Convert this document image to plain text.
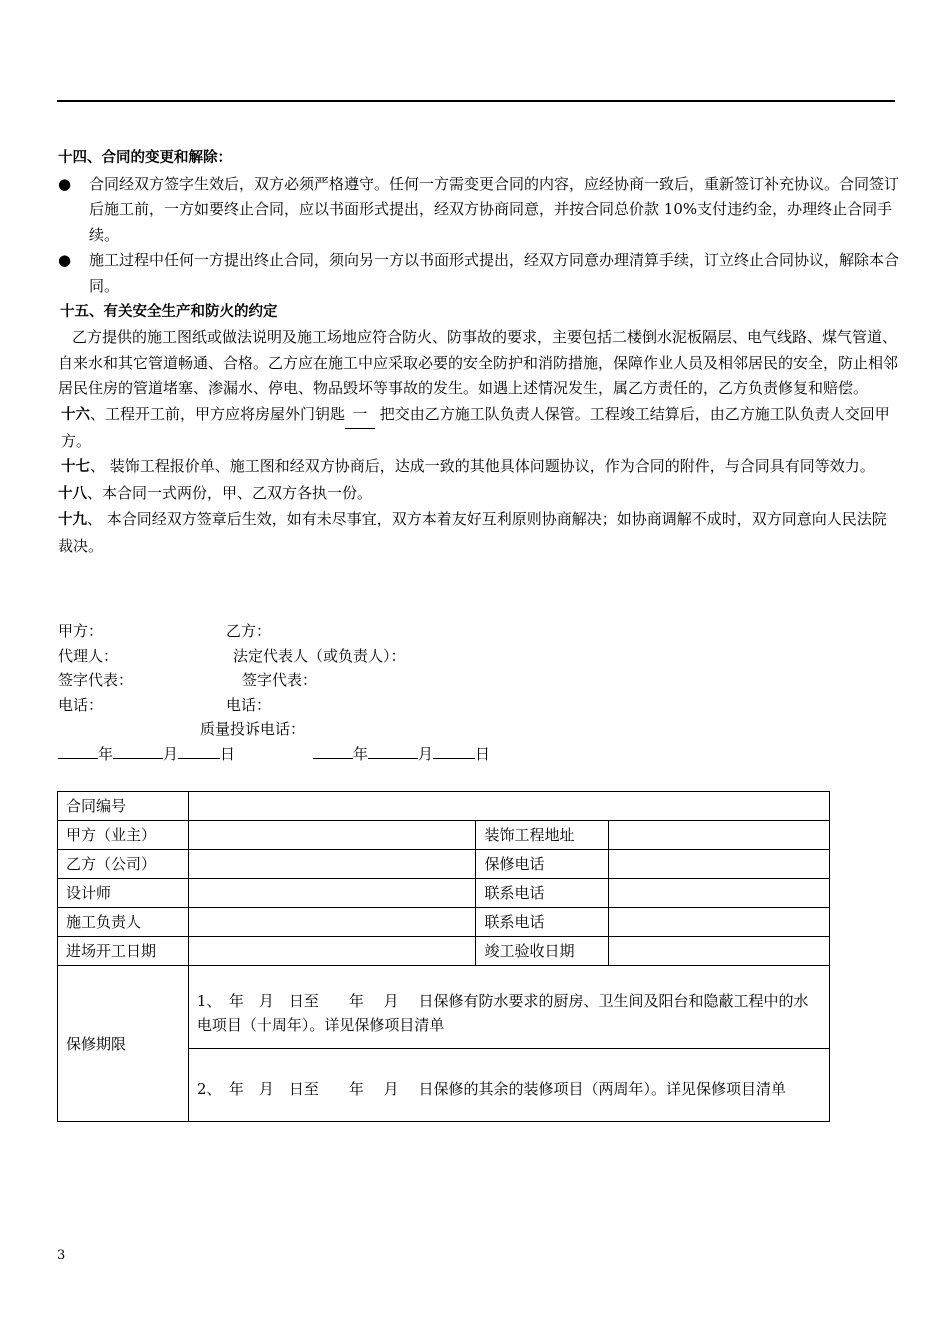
十四、合同的变更和解除：
●	合同经双方签字生效后，双方必须严格遵守。任何一方需变更合同的内容，应经协商一致后，重新签订补充协议。合同签订后施工前，一方如要终止合同，应以书面形式提出，经双方协商同意，并按合同总价款 10%支付违约金，办理终止合同手续。
●	施工过程中任何一方提出终止合同，须向另一方以书面形式提出，经双方同意办理清算手续，订立终止合同协议，解除本合同。
十五、有关安全生产和防火的约定

乙方提供的施工图纸或做法说明及施工场地应符合防火、防事故的要求，主要包括二楼倒水泥板隔层、电气线路、煤气管道、自来水和其它管道畅通、合格。乙方应在施工中应采取必要的安全防护和消防措施，保障作业人员及相邻居民的安全，防止相邻居民住房的管道堵塞、渗漏水、停电、物品毁坏等事故的发生。如遇上述情况发生，属乙方责任的，乙方负责修复和赔偿。

十六、工程开工前，甲方应将房屋外门钥匙 一 把交由乙方施工队负责人保管。工程竣工结算后，由乙方施工队负责人交回甲方。

十七、 装饰工程报价单、施工图和经双方协商后，达成一致的其他具体问题协议，作为合同的附件，与合同具有同等效力。

十八、本合同一式两份，甲、乙双方各执一份。

十九、 本合同经双方签章后生效，如有未尽事宜，双方本着友好互利原则协商解决；如协商调解不成时，双方同意向人民法院裁决。

甲方：	乙方：
代理人：	法定代表人（或负责人）：
签字代表：	签字代表：
电话：	电话：
质量投诉电话：
年	月	日	年	月	日
合同编号			
甲方（业主）		装饰工程地址	
乙方（公司）		保修电话	
设计师		联系电话	
施工负责人		联系电话	
进场开工日期		竣工验收日期	
保修期限	1、　年　月　日至　　年　 月　 日保修有防水要求的厨房、卫生间及阳台和隐蔽工程中的水电项目（十周年）。详见保修项目清单		
	2、　年　月　日至　　年　 月　 日保修的其余的装修项目（两周年）。详见保修项目清单		
3
